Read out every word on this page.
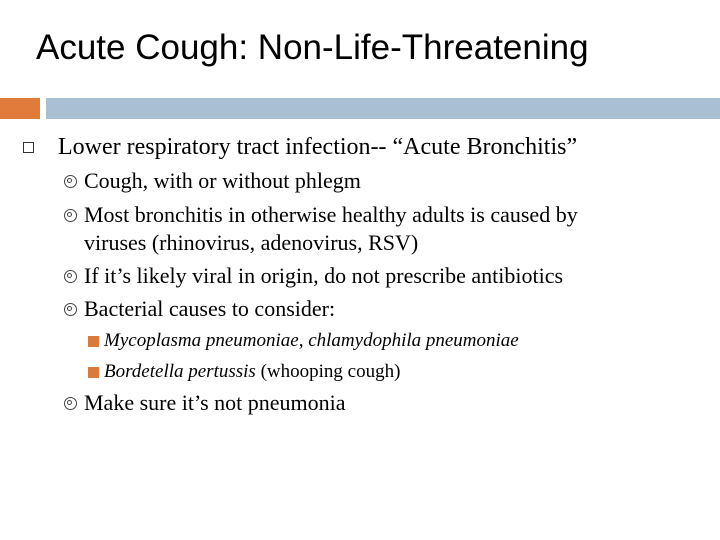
Acute Cough: Non-Life-Threatening
Lower respiratory tract infection-- “Acute Bronchitis”
Cough, with or without phlegm
Most bronchitis in otherwise healthy adults is caused by
viruses (rhinovirus, adenovirus, RSV)
If it’s likely viral in origin, do not prescribe antibiotics
Bacterial causes to consider:
Mycoplasma pneumoniae, chlamydophila pneumoniae
Bordetella pertussis (whooping cough)
Make sure it’s not pneumonia
